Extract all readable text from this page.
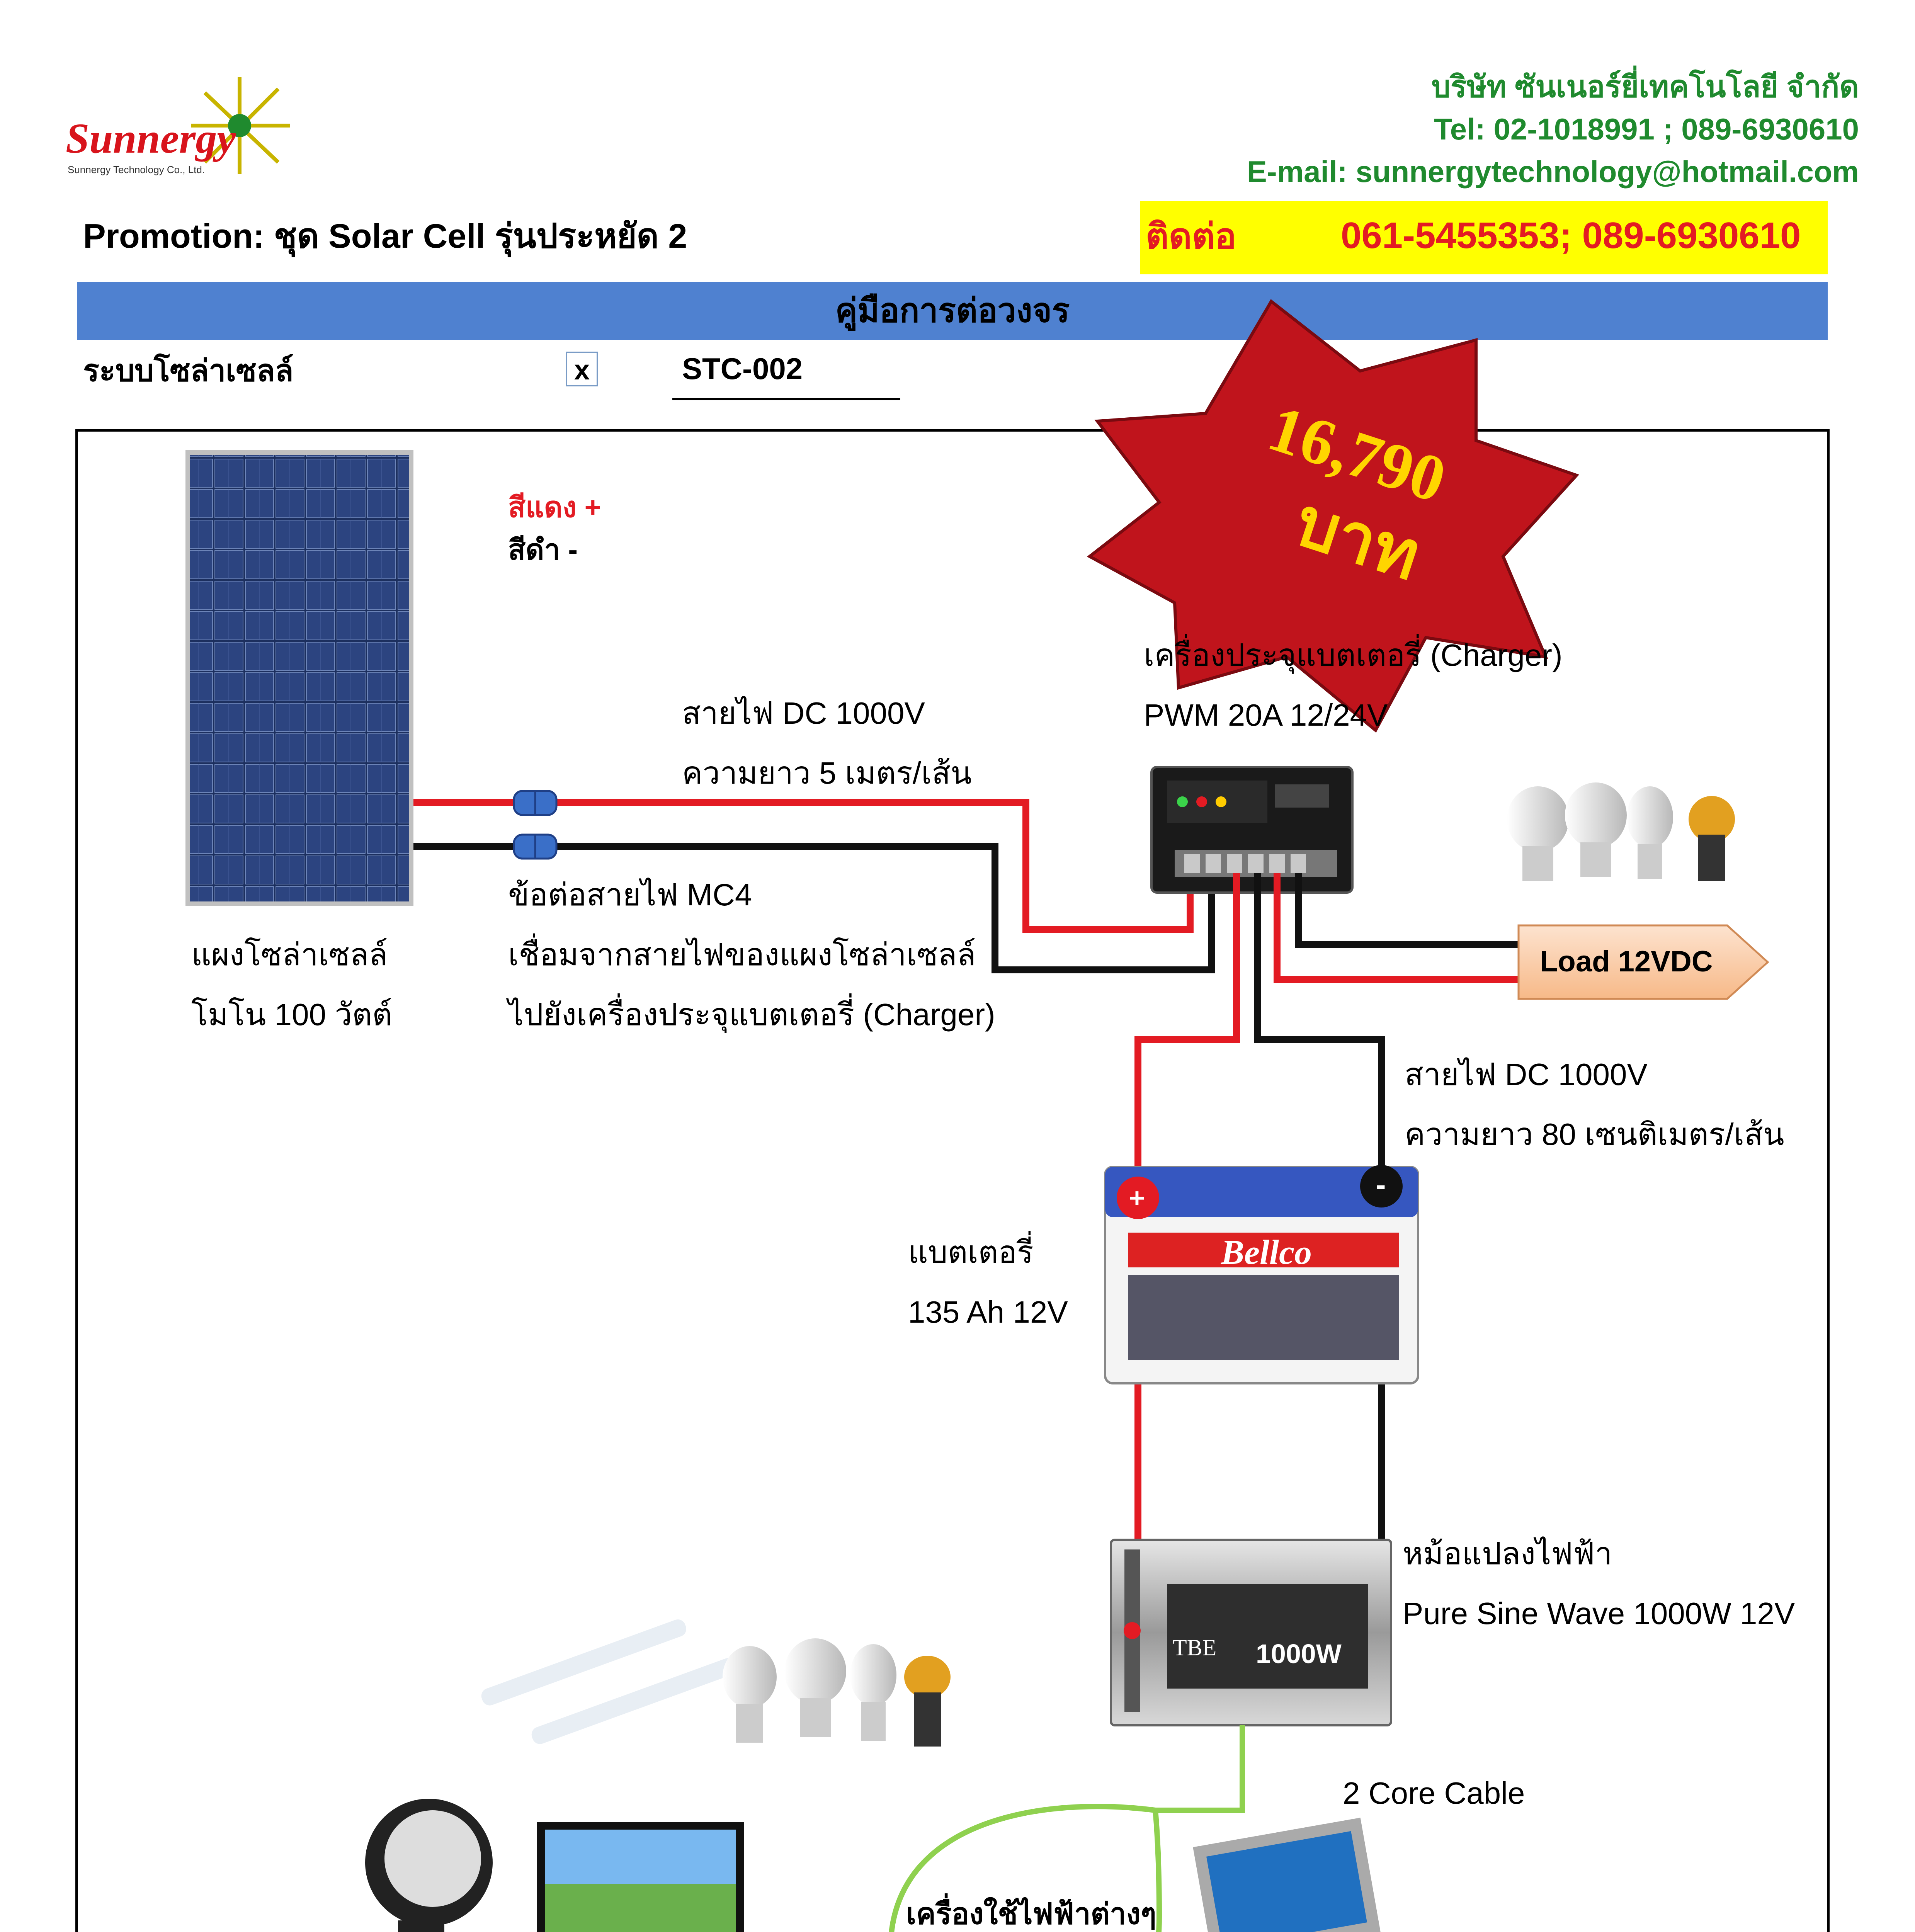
Sunnergy
Sunnergy Technology Co., Ltd.
บริษัท ซันเนอร์ยี่เทคโนโลยี จำกัด
Tel: 02-1018991 ; 089-6930610
E-mail: sunnergytechnology@hotmail.com
Promotion: ชุด Solar Cell รุ่นประหยัด 2	ติดต่อ	061-5455353; 089-6930610
คู่มือการต่อวงจร
ระบบโซล่าเซลล์	x	STC-002
16,790
บาท
สีแดง +
สีดำ -
สายไฟ DC 1000V
ความยาว 5 เมตร/เส้น
เครื่องประจุแบตเตอรี่ (Charger)
PWM 20A 12/24V
ข้อต่อสายไฟ MC4
เชื่อมจากสายไฟของแผงโซล่าเซลล์
ไปยังเครื่องประจุแบตเตอรี่ (Charger)
แผงโซล่าเซลล์
โมโน 100 วัตต์
Load 12VDC
สายไฟ DC 1000V
ความยาว 80 เซนติเมตร/เส้น
+	-
Bellco
แบตเตอรี่
135 Ah 12V
TBE 1000W
หม้อแปลงไฟฟ้า
Pure Sine Wave 1000W 12V
2 Core Cable
เครื่องใช้ไฟฟ้าต่างๆ
